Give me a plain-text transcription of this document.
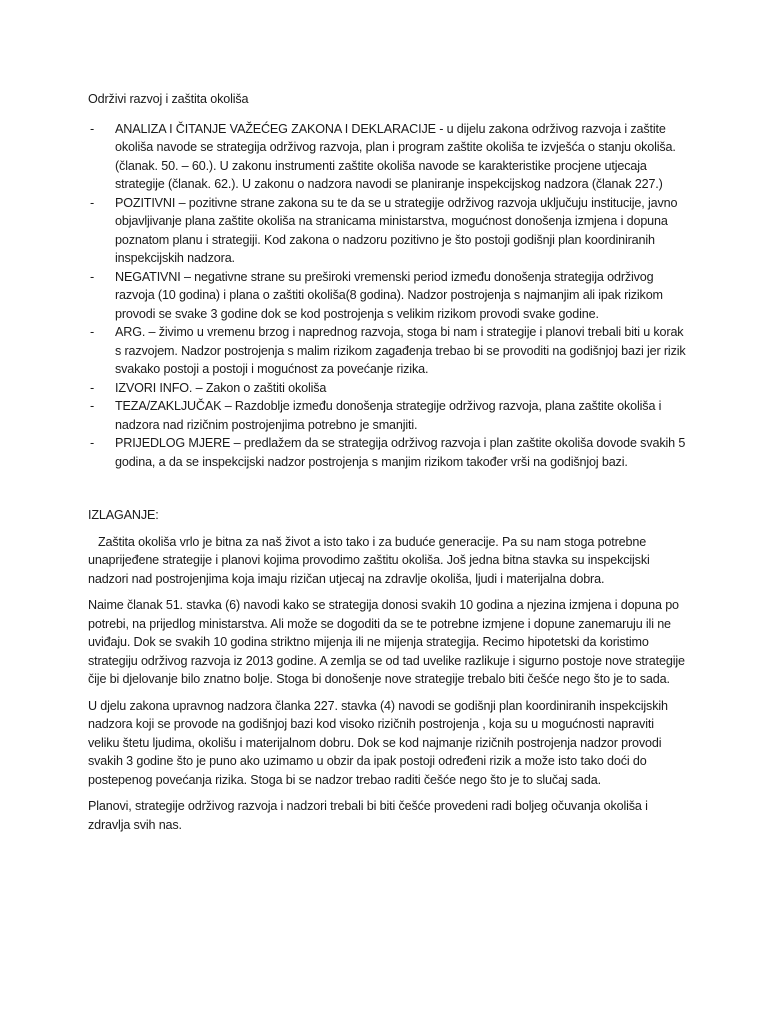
Održivi razvoj i zaštita okoliša
- ANALIZA I ČITANJE VAŽEĆEG ZAKONA I DEKLARACIJE - u dijelu zakona održivog razvoja i zaštite okoliša navode se strategija održivog razvoja, plan i program zaštite okoliša te izvješća o stanju okoliša. (članak. 50. – 60.). U zakonu instrumenti zaštite okoliša navode se karakteristike procjene utjecaja strategije (članak. 62.). U zakonu o nadzora navodi se planiranje inspekcijskog nadzora (članak 227.)
- POZITIVNI – pozitivne strane zakona su te da se u strategije održivog razvoja uključuju institucije, javno objavljivanje plana zaštite okoliša na stranicama ministarstva, mogućnost donošenja izmjena i dopuna poznatom planu i strategiji. Kod zakona o nadzoru pozitivno je što postoji godišnji plan koordiniranih inspekcijskih nadzora.
- NEGATIVNI – negativne strane su preširoki vremenski period između donošenja strategija održivog razvoja (10 godina) i plana o zaštiti okoliša(8 godina). Nadzor postrojenja s najmanjim ali ipak rizikom provodi se svake 3 godine dok se kod postrojenja s velikim rizikom provodi svake godine.
- ARG. – živimo u vremenu brzog i naprednog razvoja, stoga bi nam i strategije i planovi trebali biti u korak s razvojem. Nadzor postrojenja s malim rizikom zagađenja trebao bi se provoditi na godišnjoj bazi jer rizik svakako postoji a postoji i mogućnost za povećanje rizika.
- IZVORI INFO. – Zakon o zaštiti okoliša
- TEZA/ZAKLJUČAK – Razdoblje između donošenja strategije održivog razvoja, plana zaštite okoliša i nadzora nad rizičnim postrojenjima potrebno je smanjiti.
- PRIJEDLOG MJERE – predlažem da se strategija održivog razvoja i plan zaštite okoliša dovode svakih 5 godina, a da se inspekcijski nadzor postrojenja s manjim rizikom također vrši na godišnjoj bazi.
IZLAGANJE:

Zaštita okoliša vrlo je bitna za naš život a isto tako i za buduće generacije. Pa su nam stoga potrebne unaprijeđene strategije i planovi kojima provodimo zaštitu okoliša. Još jedna bitna stavka su inspekcijski nadzori nad postrojenjima koja imaju rizičan utjecaj na zdravlje okoliša, ljudi i materijalna dobra.

Naime članak 51. stavka (6) navodi kako se strategija donosi svakih 10 godina a njezina izmjena i dopuna po potrebi, na prijedlog ministarstva. Ali može se dogoditi da se te potrebne izmjene i dopune zanemaruju ili ne uviđaju. Dok se svakih 10 godina striktno mijenja ili ne mijenja strategija. Recimo hipotetski da koristimo strategiju održivog razvoja iz 2013 godine. A zemlja se od tad uvelike razlikuje i sigurno postoje nove strategije čije bi djelovanje bilo znatno bolje. Stoga bi donošenje nove strategije trebalo biti češće nego što je to sada.

U djelu zakona upravnog nadzora članka 227. stavka (4) navodi se godišnji plan koordiniranih inspekcijskih nadzora koji se provode na godišnjoj bazi kod visoko rizičnih postrojenja , koja su u mogućnosti napraviti veliku štetu ljudima, okolišu i materijalnom dobru. Dok se kod najmanje rizičnih postrojenja nadzor provodi svakih 3 godine što je puno ako uzimamo u obzir da ipak postoji određeni rizik a može isto tako doći do postepenog povećanja rizika. Stoga bi se nadzor trebao raditi češće nego što je to slučaj sada.

Planovi, strategije održivog razvoja i nadzori trebali bi biti češće provedeni radi boljeg očuvanja okoliša i zdravlja svih nas.
